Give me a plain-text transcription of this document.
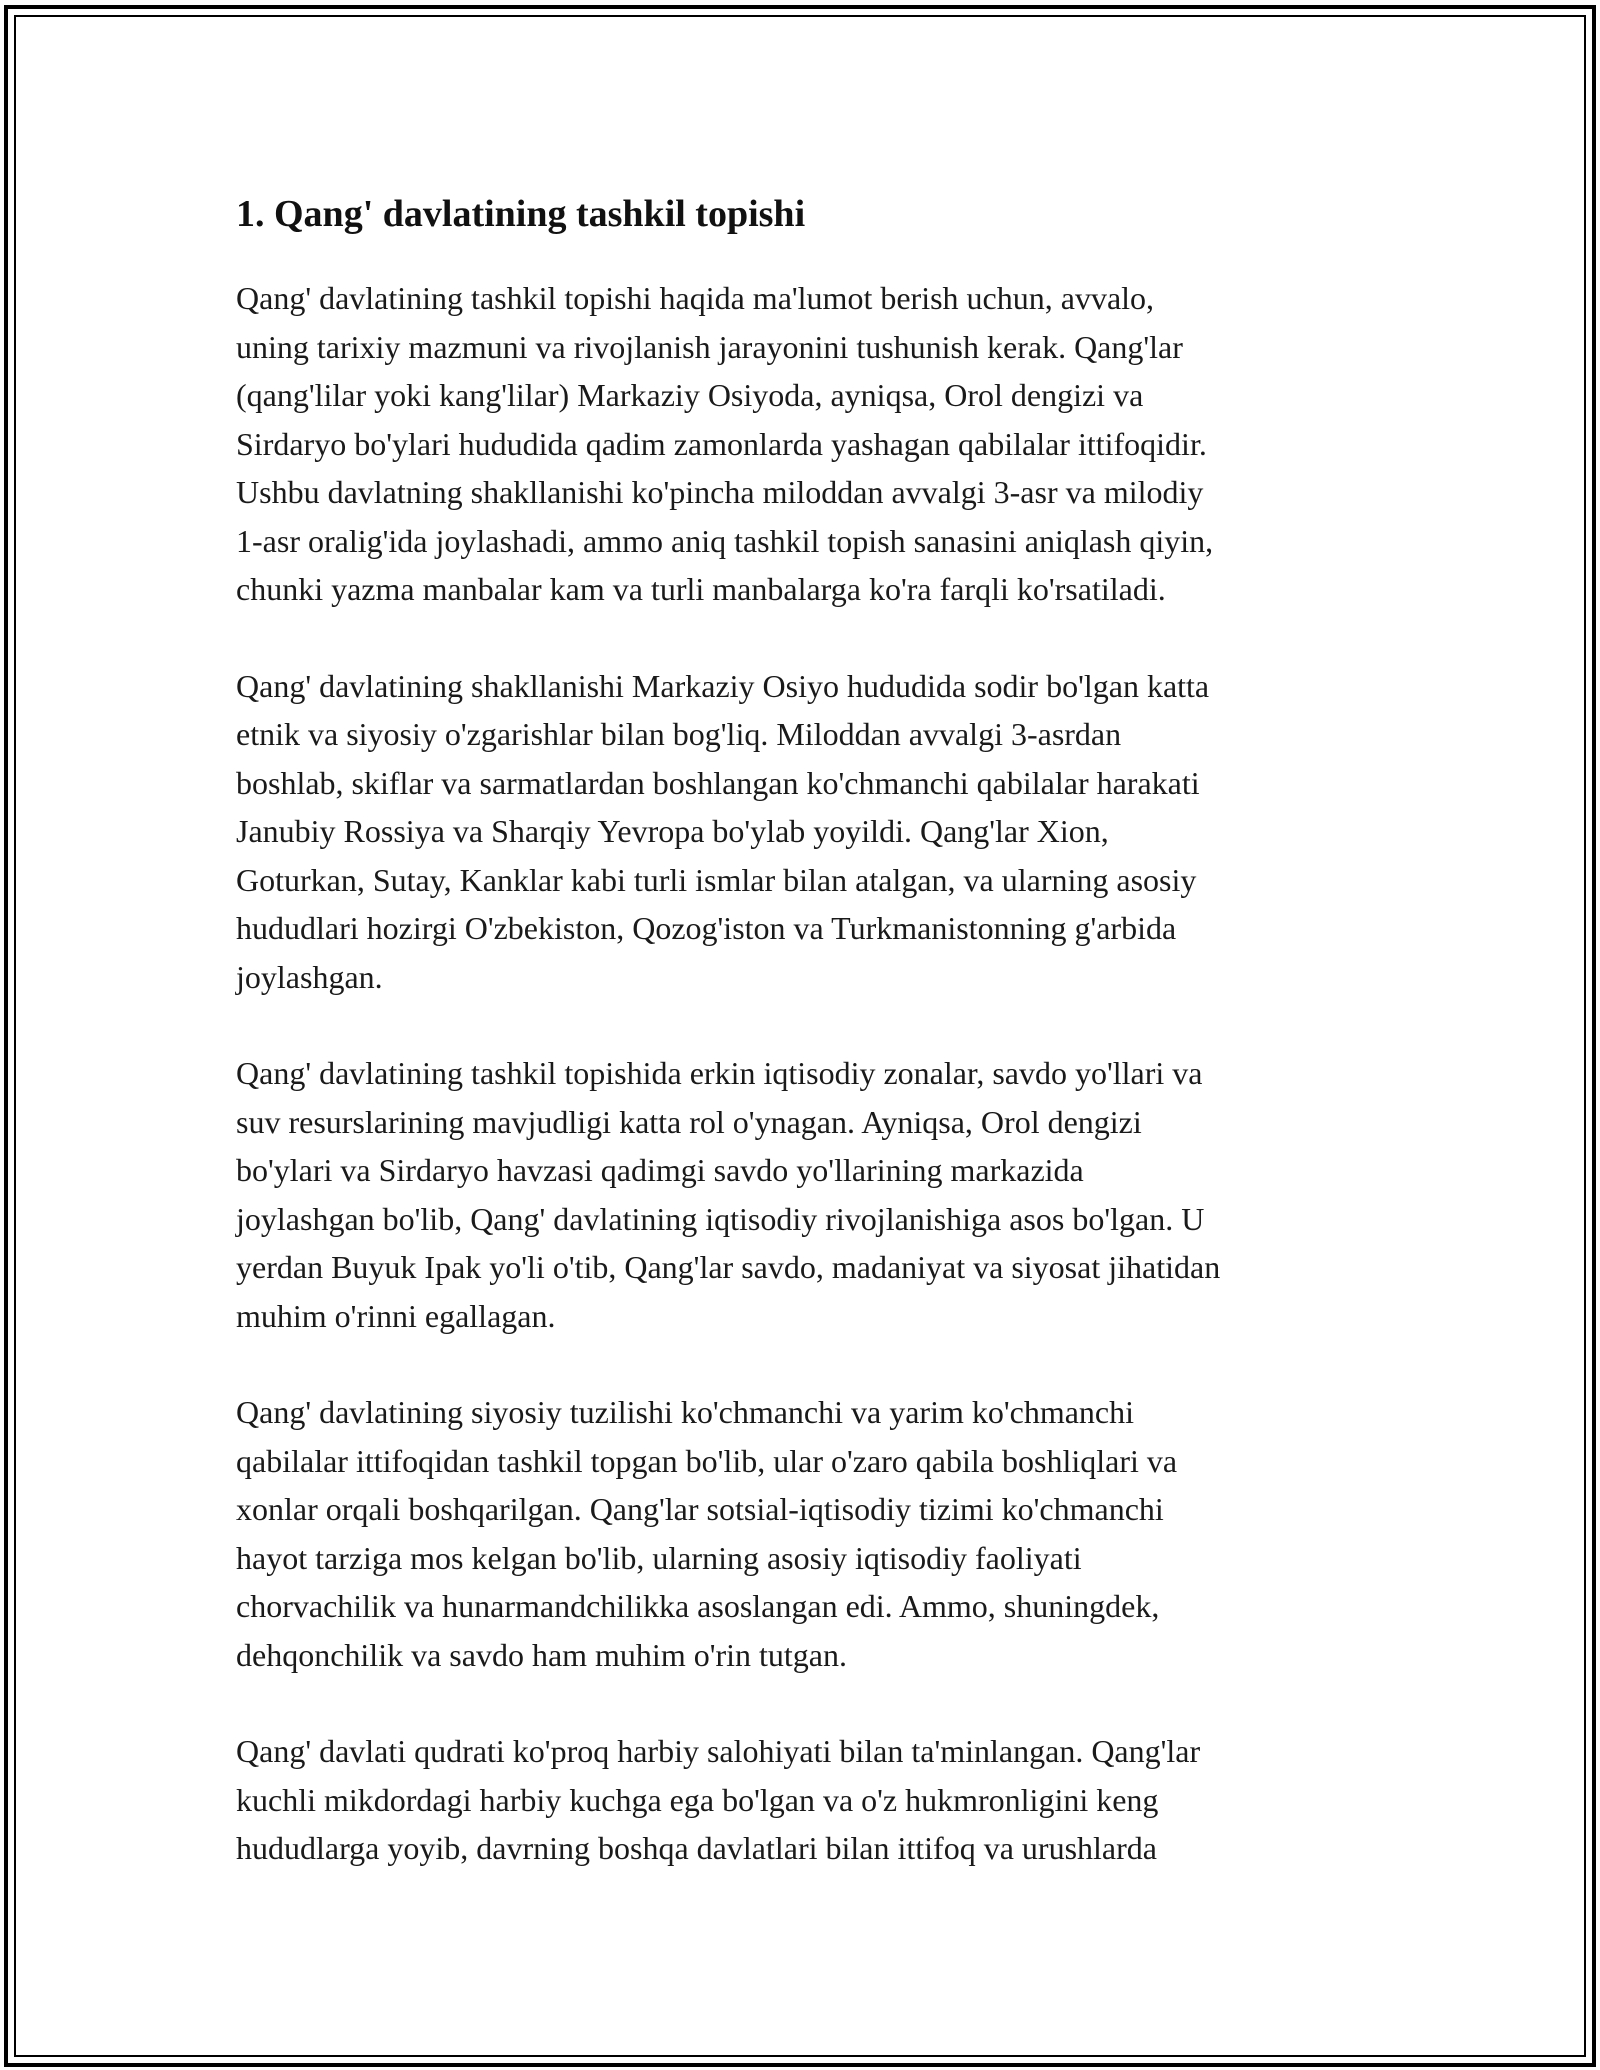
1. Qang' davlatining tashkil topishi

Qang' davlatining tashkil topishi haqida ma'lumot berish uchun, avvalo,
uning tarixiy mazmuni va rivojlanish jarayonini tushunish kerak. Qang'lar
(qang'lilar yoki kang'lilar) Markaziy Osiyoda, ayniqsa, Orol dengizi va
Sirdaryo bo'ylari hududida qadim zamonlarda yashagan qabilalar ittifoqidir.
Ushbu davlatning shakllanishi ko'pincha miloddan avvalgi 3-asr va milodiy
1-asr oralig'ida joylashadi, ammo aniq tashkil topish sanasini aniqlash qiyin,
chunki yazma manbalar kam va turli manbalarga ko'ra farqli ko'rsatiladi.

Qang' davlatining shakllanishi Markaziy Osiyo hududida sodir bo'lgan katta
etnik va siyosiy o'zgarishlar bilan bog'liq. Miloddan avvalgi 3-asrdan
boshlab, skiflar va sarmatlardan boshlangan ko'chmanchi qabilalar harakati
Janubiy Rossiya va Sharqiy Yevropa bo'ylab yoyildi. Qang'lar Xion,
Goturkan, Sutay, Kanklar kabi turli ismlar bilan atalgan, va ularning asosiy
hududlari hozirgi O'zbekiston, Qozog'iston va Turkmanistonning g'arbida
joylashgan.

Qang' davlatining tashkil topishida erkin iqtisodiy zonalar, savdo yo'llari va
suv resurslarining mavjudligi katta rol o'ynagan. Ayniqsa, Orol dengizi
bo'ylari va Sirdaryo havzasi qadimgi savdo yo'llarining markazida
joylashgan bo'lib, Qang' davlatining iqtisodiy rivojlanishiga asos bo'lgan. U
yerdan Buyuk Ipak yo'li o'tib, Qang'lar savdo, madaniyat va siyosat jihatidan
muhim o'rinni egallagan.

Qang' davlatining siyosiy tuzilishi ko'chmanchi va yarim ko'chmanchi
qabilalar ittifoqidan tashkil topgan bo'lib, ular o'zaro qabila boshliqlari va
xonlar orqali boshqarilgan. Qang'lar sotsial-iqtisodiy tizimi ko'chmanchi
hayot tarziga mos kelgan bo'lib, ularning asosiy iqtisodiy faoliyati
chorvachilik va hunarmandchilikka asoslangan edi. Ammo, shuningdek,
dehqonchilik va savdo ham muhim o'rin tutgan.

Qang' davlati qudrati ko'proq harbiy salohiyati bilan ta'minlangan. Qang'lar
kuchli mikdordagi harbiy kuchga ega bo'lgan va o'z hukmronligini keng
hududlarga yoyib, davrning boshqa davlatlari bilan ittifoq va urushlarda
